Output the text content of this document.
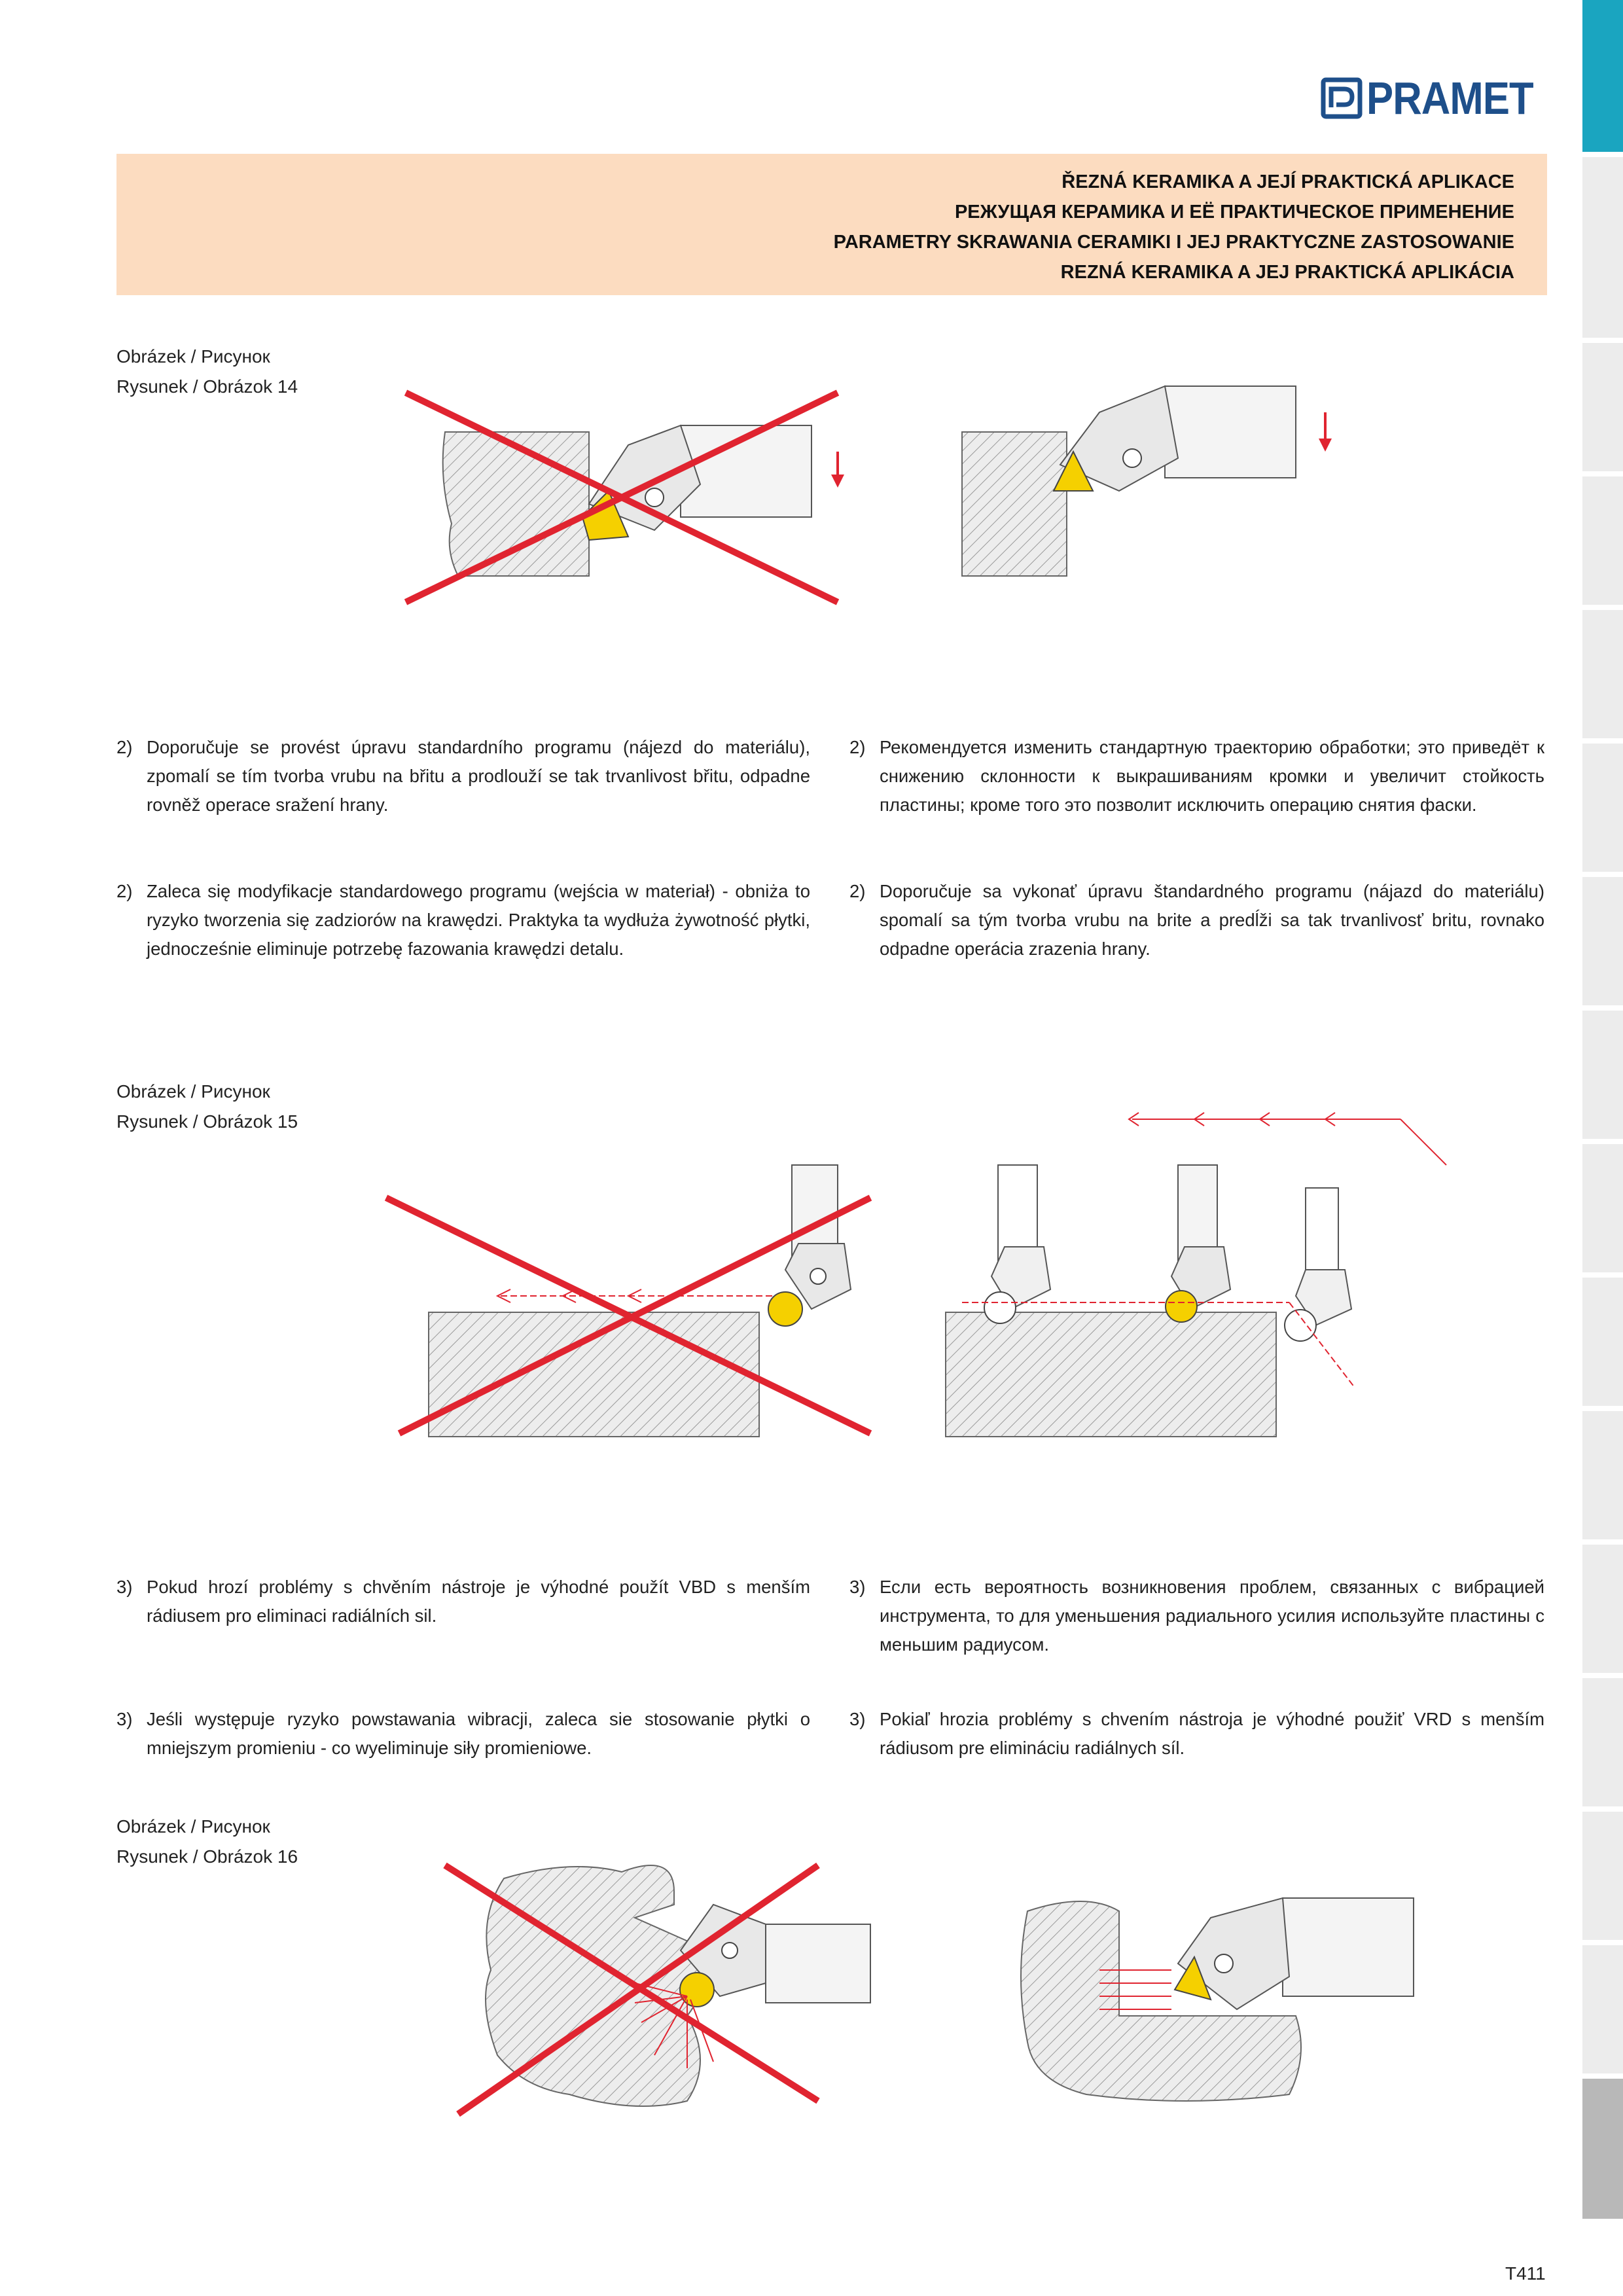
PRAMET
ŘEZNÁ KERAMIKA A JEJÍ PRAKTICKÁ APLIKACE
РЕЖУЩАЯ КЕРАМИКА И ЕЁ ПРАКТИЧЕСКОЕ ПРИМЕНЕНИЕ
PARAMETRY SKRAWANIA CERAMIKI I JEJ PRAKTYCZNE ZASTOSOWANIE
REZNÁ KERAMIKA A JEJ PRAKTICKÁ APLIKÁCIA
Obrázek / Рисунок
Rysunek / Obrázok 14
2) Doporučuje se provést úpravu standardního programu (nájezd do materiálu), zpomalí se tím tvorba vrubu na břitu a prodlouží se tak trvanlivost břitu, odpadne rovněž operace sražení hrany.
2) Рекомендуется изменить стандартную траекторию обработки; это приведёт к снижению склонности к выкрашиваниям кромки и увеличит стойкость пластины; кроме того это позволит исключить операцию снятия фаски.
2) Zaleca się modyfikacje standardowego programu (wejścia w materiał) - obniża to ryzyko tworzenia się zadziorów na krawędzi. Praktyka ta wydłuża żywotność płytki, jednocześnie eliminuje potrzebę fazowania krawędzi detalu.
2) Doporučuje sa vykonať úpravu štandardného programu (nájazd do materiálu) spomalí sa tým tvorba vrubu na brite a predĺži sa tak trvanlivosť britu, rovnako odpadne operácia zrazenia hrany.
Obrázek / Рисунок
Rysunek / Obrázok 15
3) Pokud hrozí problémy s chvěním nástroje je výhodné použít VBD s menším rádiusem pro eliminaci radiálních sil.
3) Если есть вероятность возникновения проблем, связанных с вибрацией инструмента, то для уменьшения радиального усилия используйте пластины с меньшим радиусом.
3) Jeśli występuje ryzyko powstawania wibracji, zaleca sie stosowanie płytki o mniejszym promieniu - co wyeliminuje siły promieniowe.
3) Pokiaľ hrozia problémy s chvením nástroja je výhodné použiť VRD s menším rádiusom pre elimináciu radiálnych síl.
Obrázek / Рисунок
Rysunek / Obrázok 16
T411
